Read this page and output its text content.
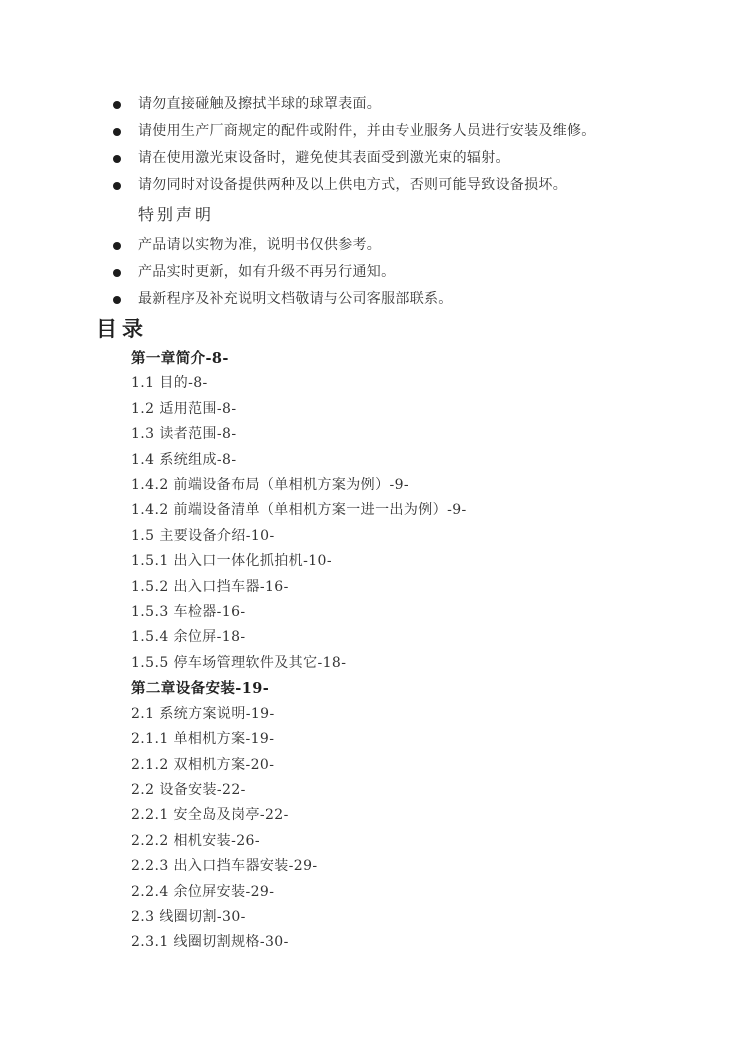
请勿直接碰触及擦拭半球的球罩表面。
请使用生产厂商规定的配件或附件，并由专业服务人员进行安装及维修。
请在使用激光束设备时，避免使其表面受到激光束的辐射。
请勿同时对设备提供两种及以上供电方式，否则可能导致设备损坏。
特别声明
产品请以实物为准，说明书仅供参考。
产品实时更新，如有升级不再另行通知。
最新程序及补充说明文档敬请与公司客服部联系。
目录
第一章简介-8-
1.1 目的-8-
1.2 适用范围-8-
1.3 读者范围-8-
1.4 系统组成-8-
1.4.2 前端设备布局（单相机方案为例）-9-
1.4.2 前端设备清单（单相机方案一进一出为例）-9-
1.5 主要设备介绍-10-
1.5.1 出入口一体化抓拍机-10-
1.5.2 出入口挡车器-16-
1.5.3 车检器-16-
1.5.4 余位屏-18-
1.5.5 停车场管理软件及其它-18-
第二章设备安装-19-
2.1 系统方案说明-19-
2.1.1 单相机方案-19-
2.1.2 双相机方案-20-
2.2 设备安装-22-
2.2.1 安全岛及岗亭-22-
2.2.2 相机安装-26-
2.2.3 出入口挡车器安装-29-
2.2.4 余位屏安装-29-
2.3 线圈切割-30-
2.3.1 线圈切割规格-30-
